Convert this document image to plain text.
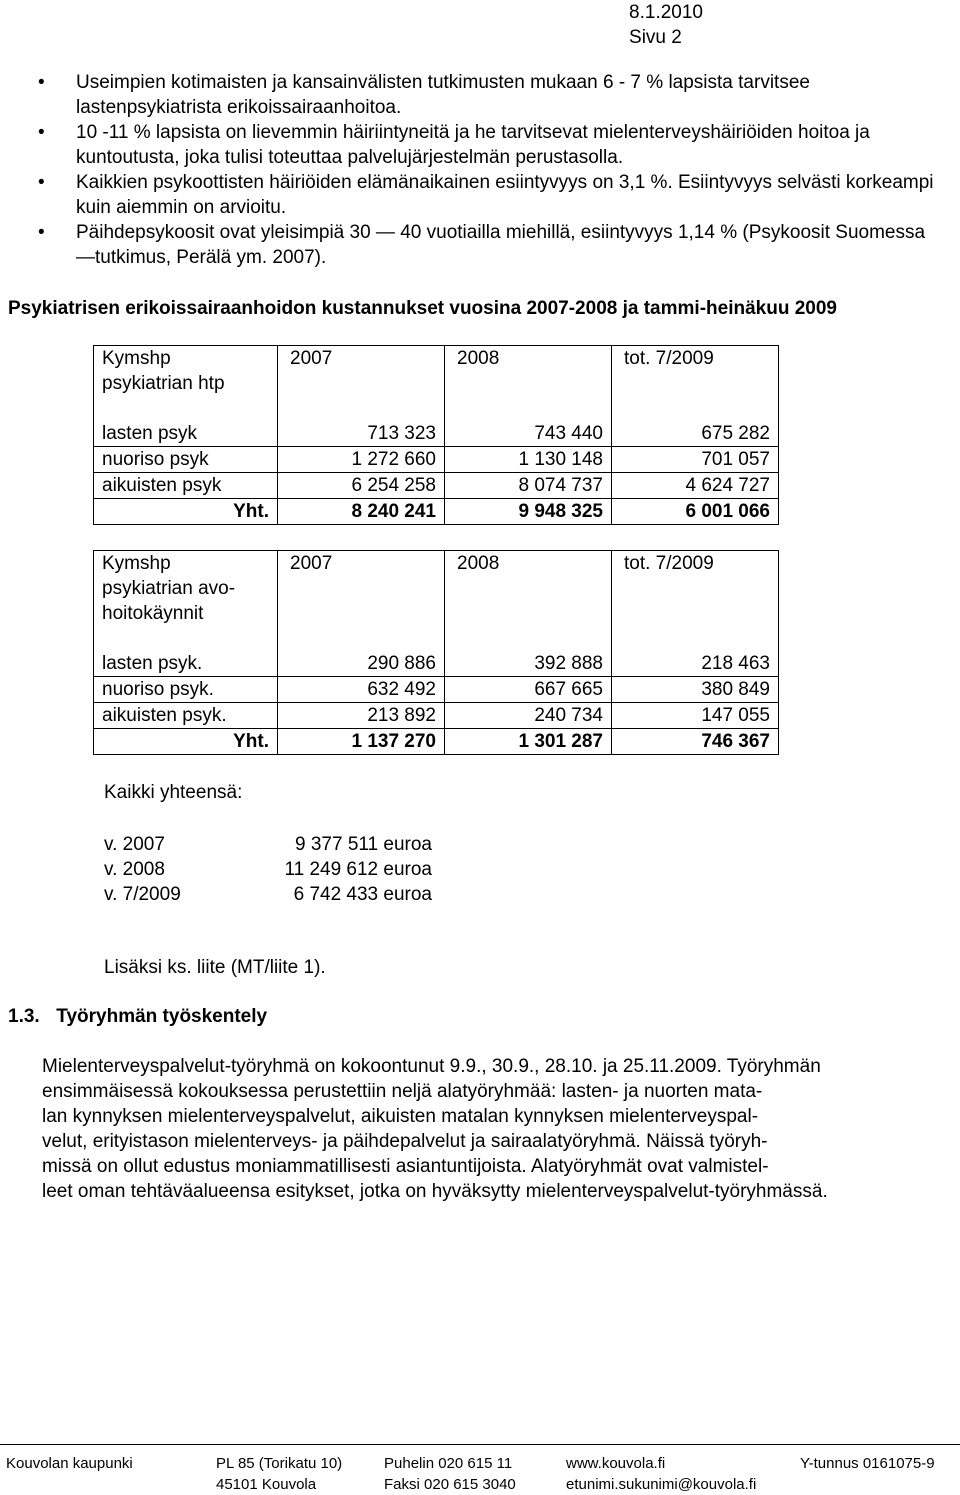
8.1.2010
Sivu 2
• Useimpien kotimaisten ja kansainvälisten tutkimusten mukaan 6 - 7 % lapsista tarvitsee lastenpsykiatrista erikoissairaanhoitoa.
• 10 -11 % lapsista on lievemmin häiriintyneitä ja he tarvitsevat mielenterveyshäiriöiden hoitoa ja kuntoutusta, joka tulisi toteuttaa palvelujärjestelmän perustasolla.
• Kaikkien psykoottisten häiriöiden elämänaikainen esiintyvyys on 3,1 %. Esiintyvyys selvästi korkeampi kuin aiemmin on arvioitu.
• Päihdepsykoosit ovat yleisimpiä 30 — 40 vuotiailla miehillä, esiintyvyys 1,14 % (Psykoosit Suomessa —tutkimus, Perälä ym. 2007).
Psykiatrisen erikoissairaanhoidon kustannukset vuosina 2007-2008 ja tammi-heinäkuu 2009
Kymshp
psykiatrian htp	2007	2008	tot. 7/2009

lasten psyk	713 323	743 440	675 282
nuoriso psyk	1 272 660	1 130 148	701 057
aikuisten psyk	6 254 258	8 074 737	4 624 727
Yht.	8 240 241	9 948 325	6 001 066
Kymshp
psykiatrian avo-
hoitokäynnit	2007	2008	tot. 7/2009

lasten psyk.	290 886	392 888	218 463
nuoriso psyk.	632 492	667 665	380 849
aikuisten psyk.	213 892	240 734	147 055
Yht.	1 137 270	1 301 287	746 367
Kaikki yhteensä:
v. 2007	9 377 511 euroa
v. 2008	11 249 612 euroa
v. 7/2009	6 742 433 euroa
Lisäksi ks. liite (MT/liite 1).
1.3. Työryhmän työskentely
Mielenterveyspalvelut-työryhmä on kokoontunut 9.9., 30.9., 28.10. ja 25.11.2009. Työryhmän
ensimmäisessä kokouksessa perustettiin neljä alatyöryhmää: lasten- ja nuorten mata-
lan kynnyksen mielenterveyspalvelut, aikuisten matalan kynnyksen mielenterveyspal-
velut, erityistason mielenterveys- ja päihdepalvelut ja sairaalatyöryhmä. Näissä työryh-
missä on ollut edustus moniammatillisesti asiantuntijoista. Alatyöryhmät ovat valmistel-
leet oman tehtäväalueensa esitykset, jotka on hyväksytty mielenterveyspalvelut-työryhmässä.
Kouvolan kaupunki	PL 85 (Torikatu 10)
45101 Kouvola
Puhelin 020 615 11
Faksi 020 615 3040
www.kouvola.fi
etunimi.sukunimi@kouvola.fi
Y-tunnus 0161075-9
